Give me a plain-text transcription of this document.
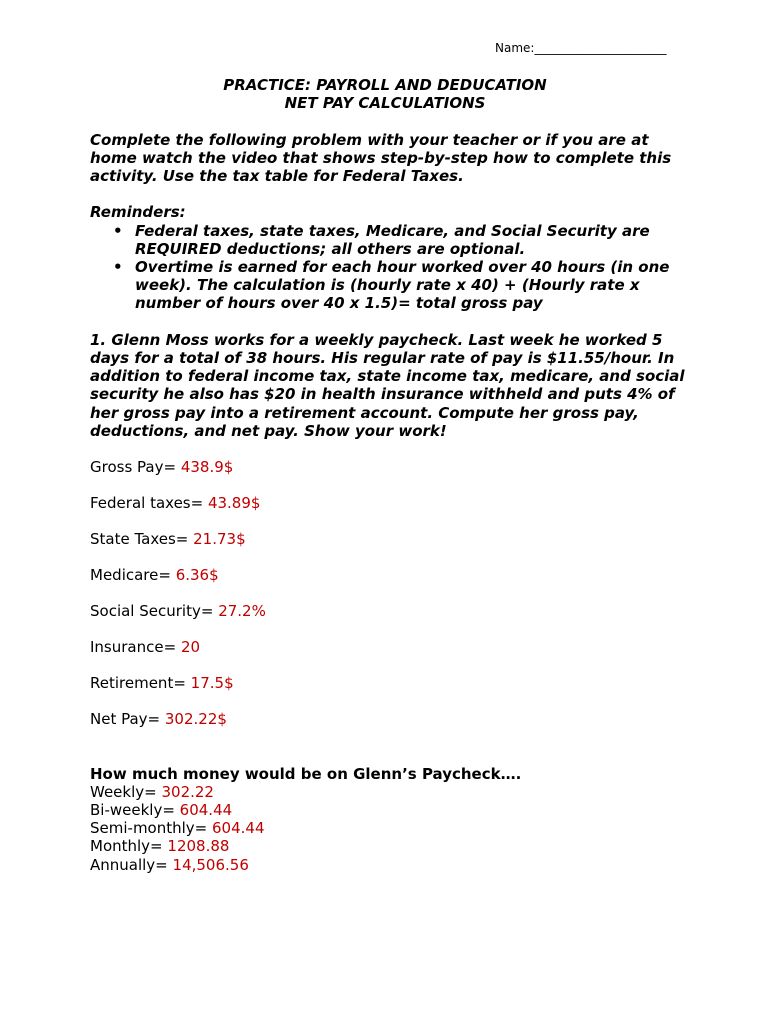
Name:______________________

PRACTICE: PAYROLL AND DEDUCATION

NET PAY CALCULATIONS

Complete the following problem with your teacher or if you are at home watch the video that shows step-by-step how to complete this activity. Use the tax table for Federal Taxes.

Reminders:

• Federal taxes, state taxes, Medicare, and Social Security are REQUIRED deductions; all others are optional.
• Overtime is earned for each hour worked over 40 hours (in one week). The calculation is (hourly rate x 40) + (Hourly rate x number of hours over 40 x 1.5)= total gross pay

1. Glenn Moss works for a weekly paycheck. Last week he worked 5 days for a total of 38 hours. His regular rate of pay is $11.55/hour. In addition to federal income tax, state income tax, medicare, and social security he also has $20 in health insurance withheld and puts 4% of her gross pay into a retirement account. Compute her gross pay, deductions, and net pay. Show your work!

Gross Pay= 438.9$

Federal taxes= 43.89$

State Taxes= 21.73$

Medicare= 6.36$

Social Security= 27.2%

Insurance= 20

Retirement= 17.5$

Net Pay= 302.22$

How much money would be on Glenn’s Paycheck….

Weekly= 302.22

Bi-weekly= 604.44

Semi-monthly= 604.44

Monthly= 1208.88

Annually= 14,506.56
